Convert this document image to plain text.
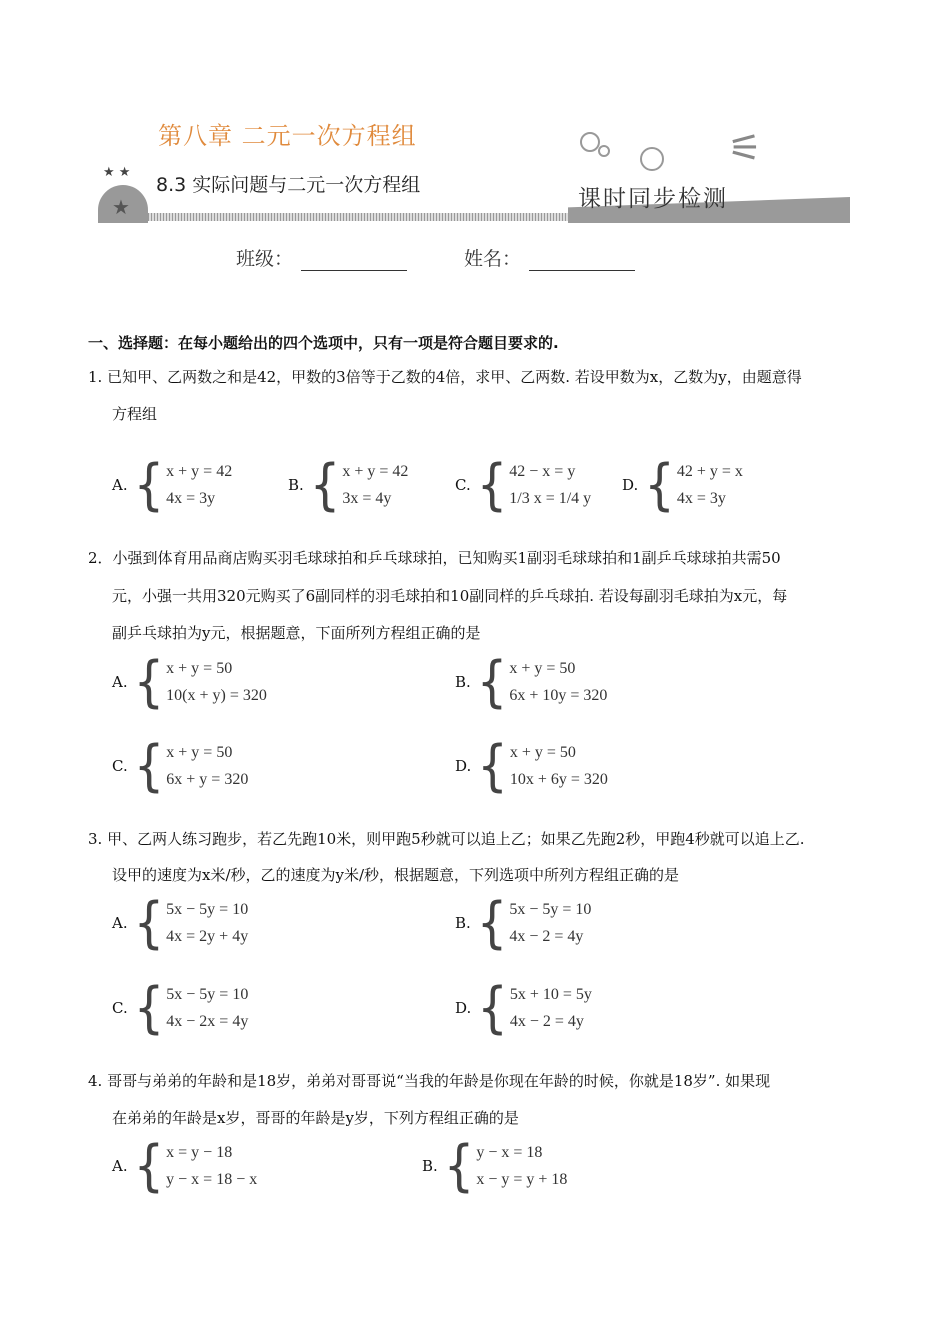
★ ★
★
第八章 二元一次方程组
8.3 实际问题与二元一次方程组
⚟
课时同步检测
班级：	姓名：
一、选择题：在每小题给出的四个选项中，只有一项是符合题目要求的.
1. 已知甲、乙两数之和是42，甲数的3倍等于乙数的4倍，求甲、乙两数. 若设甲数为x，乙数为y，由题意得
方程组
A. { x + y = 42
4x = 3y
B. { x + y = 42
3x = 4y
C. { 42 − x = y
1/3 x = 1/4 y
D. { 42 + y = x
4x = 3y
2．小强到体育用品商店购买羽毛球球拍和乒乓球球拍，已知购买1副羽毛球球拍和1副乒乓球球拍共需50
元，小强一共用320元购买了6副同样的羽毛球拍和10副同样的乒乓球拍. 若设每副羽毛球拍为x元，每
副乒乓球拍为y元，根据题意，下面所列方程组正确的是
A. { x + y = 50
10(x + y) = 320
B. { x + y = 50
6x + 10y = 320
C. { x + y = 50
6x + y = 320
D. { x + y = 50
10x + 6y = 320
3. 甲、乙两人练习跑步，若乙先跑10米，则甲跑5秒就可以追上乙；如果乙先跑2秒，甲跑4秒就可以追上乙.
设甲的速度为x米/秒，乙的速度为y米/秒，根据题意，下列选项中所列方程组正确的是
A. { 5x − 5y = 10
4x = 2y + 4y
B. { 5x − 5y = 10
4x − 2 = 4y
C. { 5x − 5y = 10
4x − 2x = 4y
D. { 5x + 10 = 5y
4x − 2 = 4y
4. 哥哥与弟弟的年龄和是18岁，弟弟对哥哥说“当我的年龄是你现在年龄的时候，你就是18岁”. 如果现
在弟弟的年龄是x岁，哥哥的年龄是y岁，下列方程组正确的是
A. { x = y − 18
y − x = 18 − x
B. { y − x = 18
x − y = y + 18
